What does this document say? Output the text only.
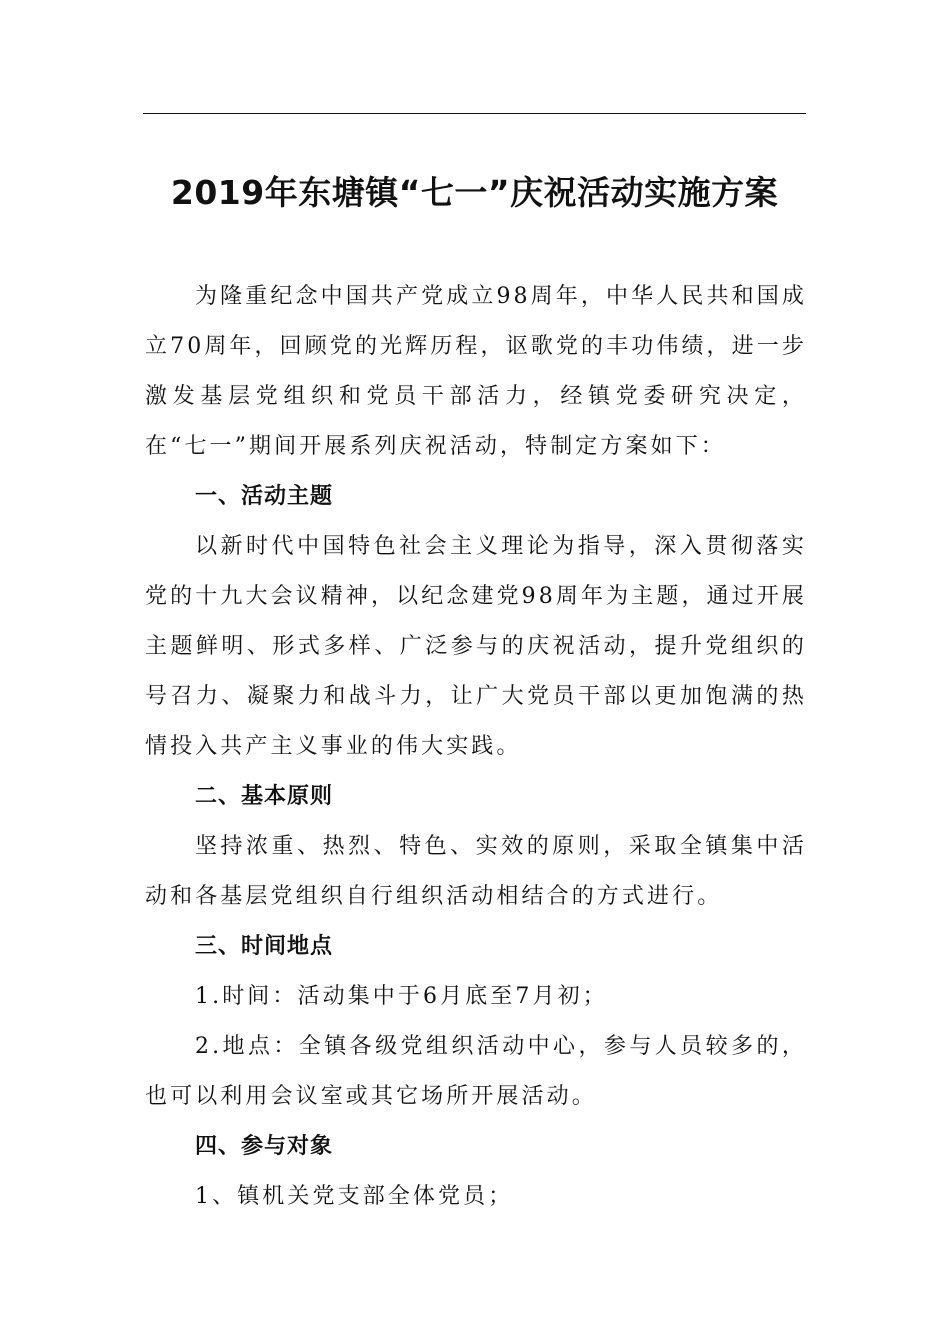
2019年东塘镇“七一”庆祝活动实施方案

为隆重纪念中国共产党成立98周年，中华人民共和国成立70周年，回顾党的光辉历程，讴歌党的丰功伟绩，进一步激发基层党组织和党员干部活力，经镇党委研究决定，在“七一”期间开展系列庆祝活动，特制定方案如下：

一、活动主题

以新时代中国特色社会主义理论为指导，深入贯彻落实党的十九大会议精神，以纪念建党98周年为主题，通过开展主题鲜明、形式多样、广泛参与的庆祝活动，提升党组织的号召力、凝聚力和战斗力，让广大党员干部以更加饱满的热情投入共产主义事业的伟大实践。

二、基本原则

坚持浓重、热烈、特色、实效的原则，采取全镇集中活动和各基层党组织自行组织活动相结合的方式进行。

三、时间地点

1.时间：活动集中于6月底至7月初；

2.地点：全镇各级党组织活动中心，参与人员较多的，也可以利用会议室或其它场所开展活动。

四、参与对象

1、镇机关党支部全体党员；
